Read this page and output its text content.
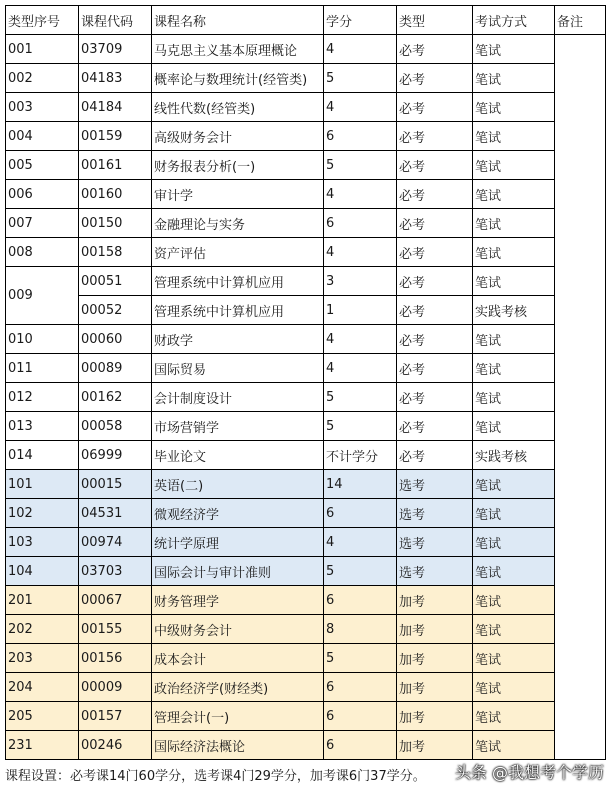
类型序号	课程代码	课程名称	学分	类型	考试方式	备注
001	03709	马克思主义基本原理概论	4	必考	笔试	
002	04183	概率论与数理统计(经管类)	5	必考	笔试	
003	04184	线性代数(经管类)	4	必考	笔试	
004	00159	高级财务会计	6	必考	笔试	
005	00161	财务报表分析(一)	5	必考	笔试	
006	00160	审计学	4	必考	笔试	
007	00150	金融理论与实务	6	必考	笔试	
008	00158	资产评估	4	必考	笔试	
009	00051	管理系统中计算机应用	3	必考	笔试	
	00052	管理系统中计算机应用	1	必考	实践考核	
010	00060	财政学	4	必考	笔试	
011	00089	国际贸易	4	必考	笔试	
012	00162	会计制度设计	5	必考	笔试	
013	00058	市场营销学	5	必考	笔试	
014	06999	毕业论文	不计学分	必考	实践考核	
101	00015	英语(二)	14	选考	笔试	
102	04531	微观经济学	6	选考	笔试	
103	00974	统计学原理	4	选考	笔试	
104	03703	国际会计与审计准则	5	选考	笔试	
201	00067	财务管理学	6	加考	笔试	
202	00155	中级财务会计	8	加考	笔试	
203	00156	成本会计	5	加考	笔试	
204	00009	政治经济学(财经类)	6	加考	笔试	
205	00157	管理会计(一)	6	加考	笔试	
231	00246	国际经济法概论	6	加考	笔试	
课程设置：必考课14门60学分，选考课4门29学分，加考课6门37学分。 头条 @我想考个学历
